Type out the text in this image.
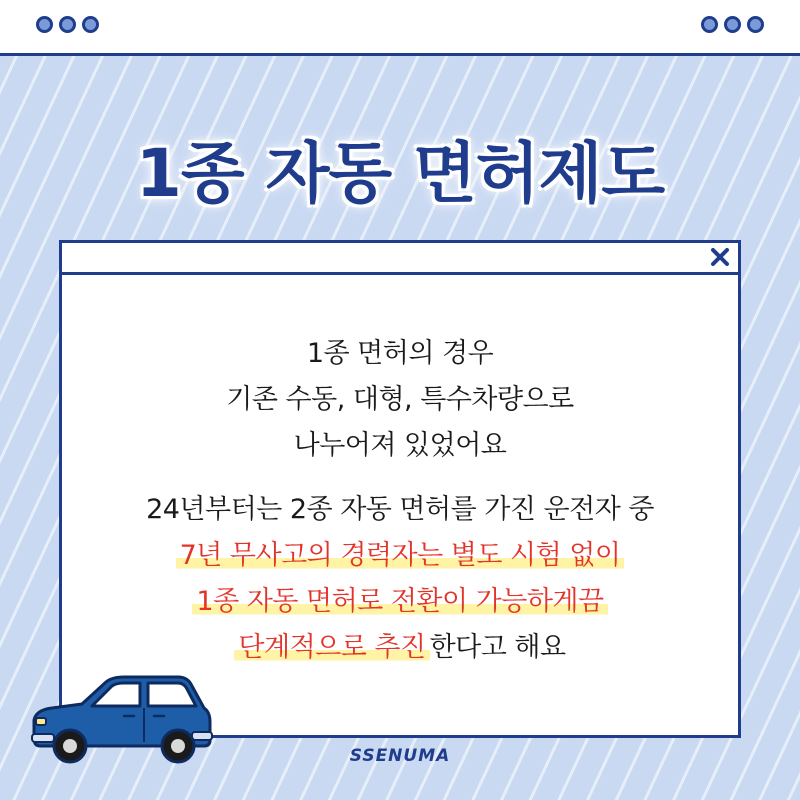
1종 자동 면허제도
1종 면허의 경우
기존 수동, 대형, 특수차량으로
나누어져 있었어요
24년부터는 2종 자동 면허를 가진 운전자 중
7년 무사고의 경력자는 별도 시험 없이
1종 자동 면허로 전환이 가능하게끔
단계적으로 추진 한다고 해요
SSENUMA
